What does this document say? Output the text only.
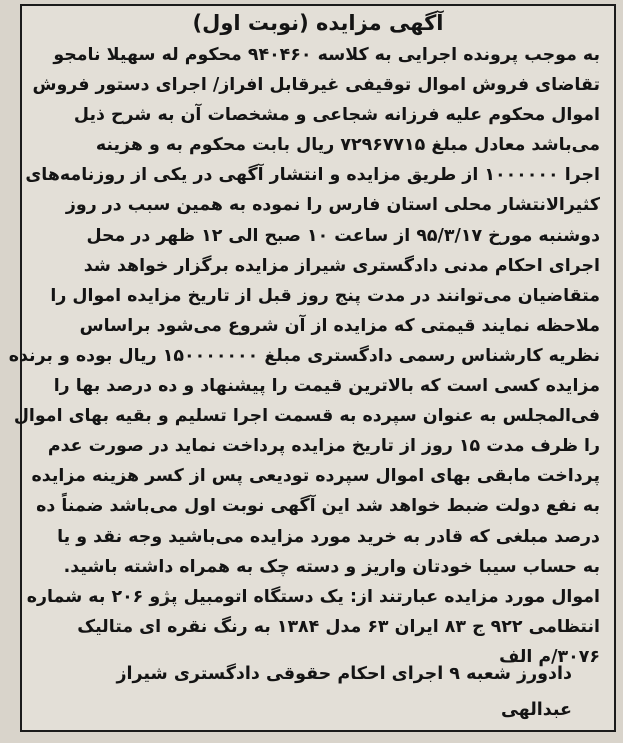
آگهی مزایده (نوبت اول)
به موجب پرونده اجرایی به کلاسه ۹۴۰۴۶۰ محکوم له سهیلا نامجو
تقاضای فروش اموال توقیفی غیرقابل افراز/ اجرای دستور فروش
اموال محکوم علیه فرزانه شجاعی و مشخصات آن به شرح ذیل
می‌باشد معادل مبلغ ۷۲۹۶۷۷۱۵ ریال بابت محکوم به و هزینه
اجرا ۱۰۰۰۰۰۰ از طریق مزایده و انتشار آگهی در یکی از روزنامه‌های
کثیرالانتشار محلی استان فارس را نموده به همین سبب در روز
دوشنبه مورخ ۹۵/۳/۱۷ از ساعت ۱۰ صبح الی ۱۲ ظهر در محل
اجرای احکام مدنی دادگستری شیراز مزایده برگزار خواهد شد
متقاضیان می‌توانند در مدت پنج روز قبل از تاریخ مزایده اموال را
ملاحظه نمایند قیمتی که مزایده از آن شروع می‌شود براساس
نظریه کارشناس رسمی دادگستری مبلغ ۱۵۰۰۰۰۰۰۰ ریال بوده و برنده
مزایده کسی است که بالاترین قیمت را پیشنهاد و ده درصد بها را
فی‌المجلس به عنوان سپرده به قسمت اجرا تسلیم و بقیه بهای اموال
را ظرف مدت ۱۵ روز از تاریخ مزایده پرداخت نماید در صورت عدم
پرداخت مابقی بهای اموال سپرده تودیعی پس از کسر هزینه مزایده
به نفع دولت ضبط خواهد شد این آگهی نوبت اول می‌باشد ضمناً ده
درصد مبلغی که قادر به خرید مورد مزایده می‌باشید وجه نقد و یا
به حساب سیبا خودتان واریز و دسته چک به همراه داشته باشید.
اموال مورد مزایده عبارتند از: یک دستگاه اتومبیل پژو ۲۰۶ به شماره
انتظامی ۹۲۲ ج ۸۳ ایران ۶۳ مدل ۱۳۸۴ به رنگ نقره ای متالیک
۳۰۷۶/م الف
دادورز شعبه ۹ اجرای احکام حقوقی دادگستری شیراز
عبدالهی
